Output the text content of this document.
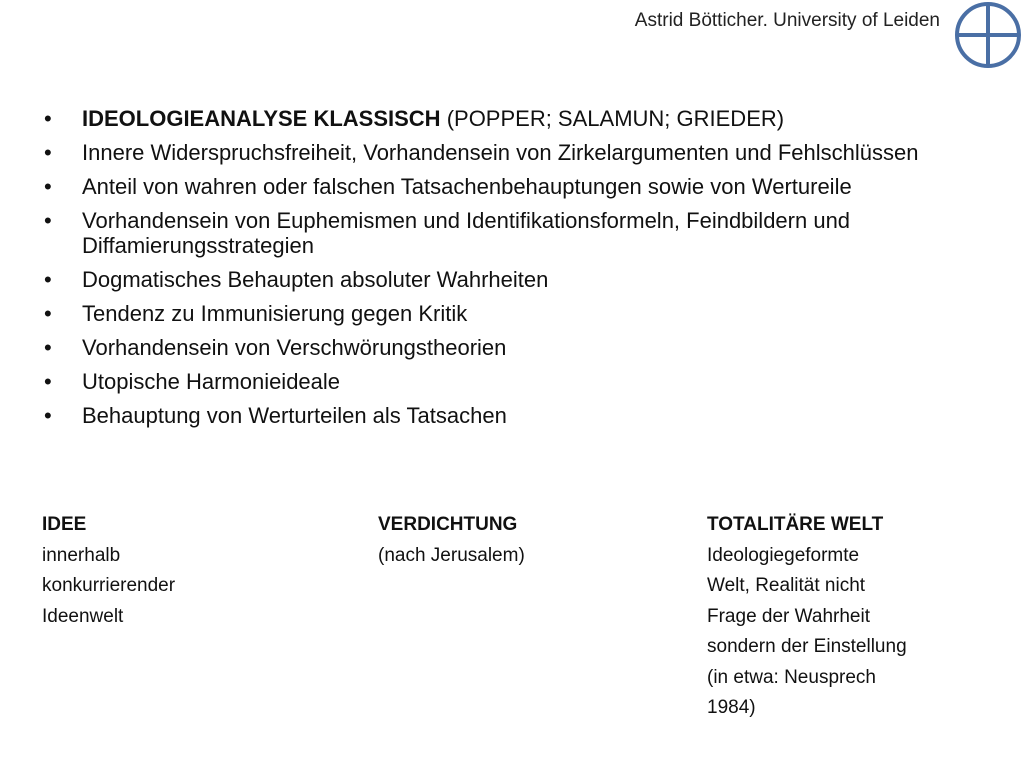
Astrid Bötticher. University of Leiden
• IDEOLOGIEANALYSE KLASSISCH (POPPER; SALAMUN; GRIEDER)
• Innere Widerspruchsfreiheit, Vorhandensein von Zirkelargumenten und Fehlschlüssen
• Anteil von wahren oder falschen Tatsachenbehauptungen sowie von Wertureile
• Vorhandensein von Euphemismen und Identifikationsformeln, Feindbildern und Diffamierungsstrategien
• Dogmatisches Behaupten absoluter Wahrheiten
• Tendenz zu Immunisierung gegen Kritik
• Vorhandensein von Verschwörungstheorien
• Utopische Harmonieideale
• Behauptung von Werturteilen als Tatsachen
IDEE
innerhalb
konkurrierender
Ideenwelt
VERDICHTUNG
(nach Jerusalem)
TOTALITÄRE WELT
Ideologiegeformte
Welt, Realität nicht
Frage der Wahrheit
sondern der Einstellung
(in etwa: Neusprech
1984)
